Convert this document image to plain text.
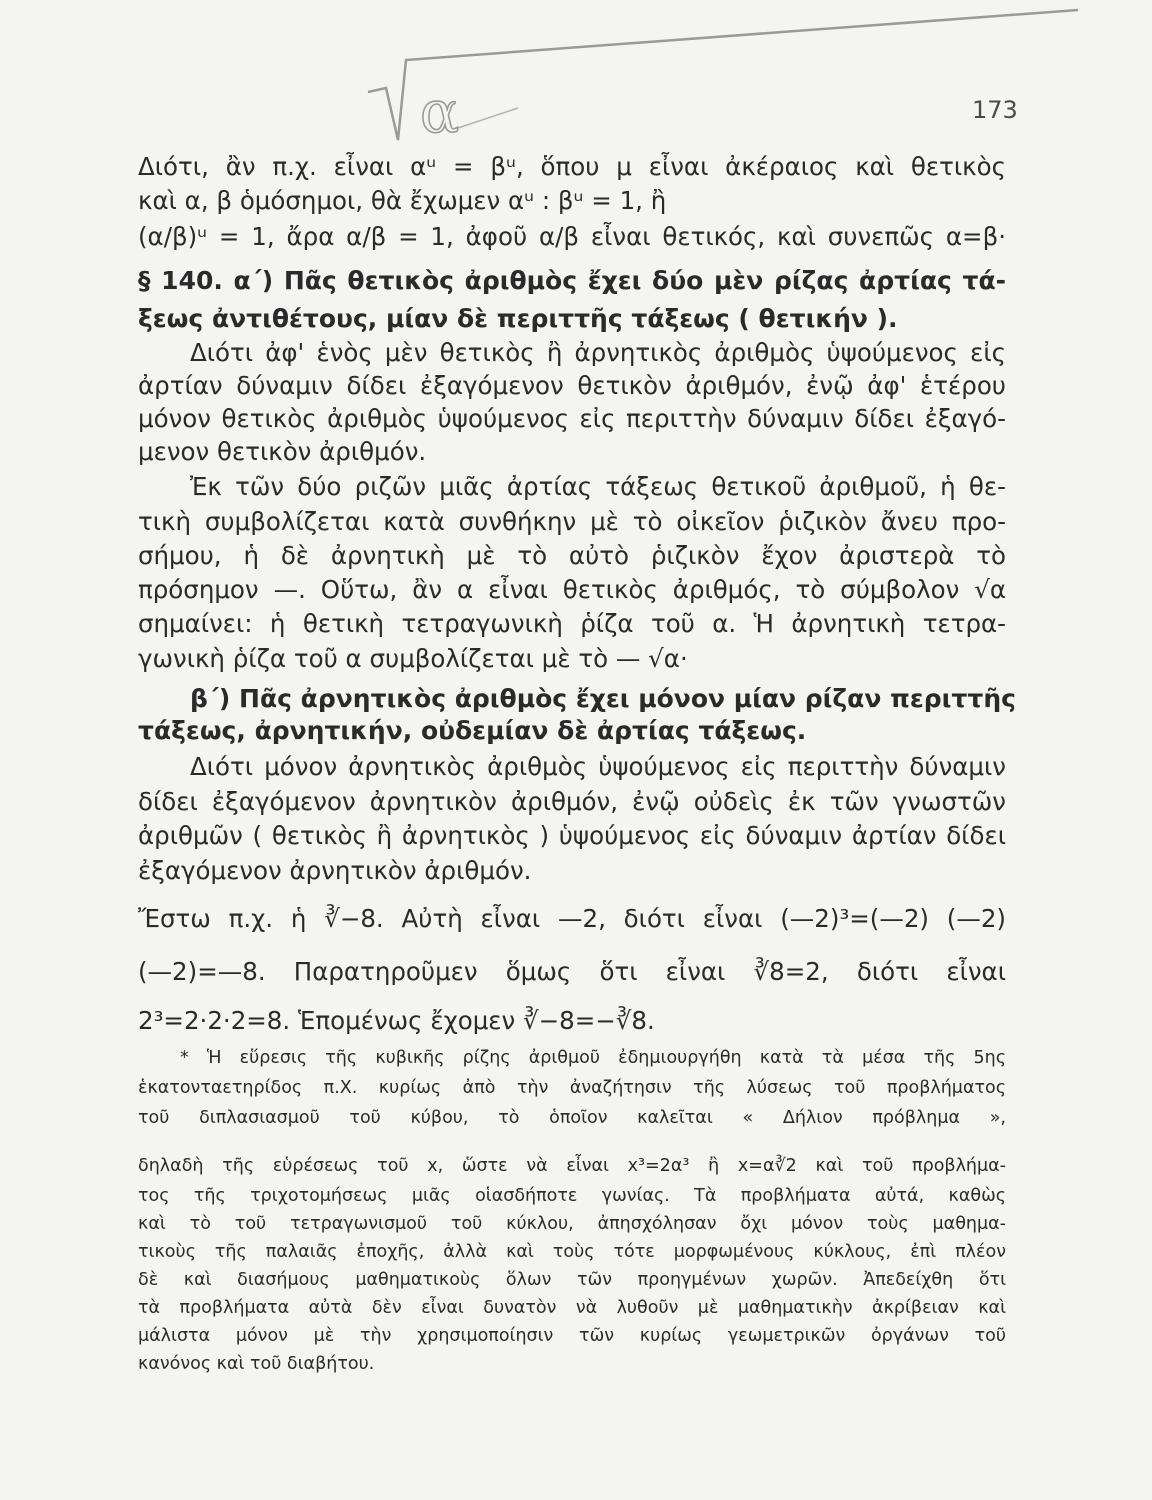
α	173
Διότι, ἂν π.χ. εἶναι αᵘ = βᵘ, ὅπου μ εἶναι ἀκέραιος καὶ θετικὸς
καὶ α, β ὁμόσημοι, θὰ ἔχωμεν αᵘ : βᵘ = 1, ἢ
(α/β)ᵘ = 1, ἄρα α/β = 1, ἀφοῦ α/β εἶναι θετικός, καὶ συνεπῶς α=β·
§ 140. α΄) Πᾶς θετικὸς ἀριθμὸς ἔχει δύο μὲν ρίζας ἀρτίας τά-
ξεως ἀντιθέτους, μίαν δὲ περιττῆς τάξεως ( θετικήν ).
Διότι ἀφ' ἑνὸς μὲν θετικὸς ἢ ἀρνητικὸς ἀριθμὸς ὑψούμενος εἰς
ἀρτίαν δύναμιν δίδει ἐξαγόμενον θετικὸν ἀριθμόν, ἐνῷ ἀφ' ἑτέρου
μόνον θετικὸς ἀριθμὸς ὑψούμενος εἰς περιττὴν δύναμιν δίδει ἐξαγό-
μενον θετικὸν ἀριθμόν.
Ἐκ τῶν δύο ριζῶν μιᾶς ἀρτίας τάξεως θετικοῦ ἀριθμοῦ, ἡ θε-
τικὴ συμβολίζεται κατὰ συνθήκην μὲ τὸ οἰκεῖον ῥιζικὸν ἄνευ προ-
σήμου, ἡ δὲ ἀρνητικὴ μὲ τὸ αὐτὸ ῥιζικὸν ἔχον ἀριστερὰ τὸ
πρόσημον —. Οὕτω, ἂν α εἶναι θετικὸς ἀριθμός, τὸ σύμβολον √α
σημαίνει: ἡ θετικὴ τετραγωνικὴ ῥίζα τοῦ α. Ἡ ἀρνητικὴ τετρα-
γωνικὴ ῥίζα τοῦ α συμβολίζεται μὲ τὸ — √α·
β΄) Πᾶς ἀρνητικὸς ἀριθμὸς ἔχει μόνον μίαν ρίζαν περιττῆς
τάξεως, ἀρνητικήν, οὐδεμίαν δὲ ἀρτίας τάξεως.
Διότι μόνον ἀρνητικὸς ἀριθμὸς ὑψούμενος εἰς περιττὴν δύναμιν
δίδει ἐξαγόμενον ἀρνητικὸν ἀριθμόν, ἐνῷ οὐδεὶς ἐκ τῶν γνωστῶν
ἀριθμῶν ( θετικὸς ἢ ἀρνητικὸς ) ὑψούμενος εἰς δύναμιν ἀρτίαν δίδει
ἐξαγόμενον ἀρνητικὸν ἀριθμόν.
Ἔστω π.χ. ἡ ∛−8. Αὐτὴ εἶναι —2, διότι εἶναι (—2)³=(—2) (—2)
(—2)=—8. Παρατηροῦμεν ὅμως ὅτι εἶναι ∛8=2, διότι εἶναι
2³=2·2·2=8. Ἑπομένως ἔχομεν ∛−8=−∛8.
* Ἡ εὕρεσις τῆς κυβικῆς ρίζης ἀριθμοῦ ἐδημιουργήθη κατὰ τὰ μέσα τῆς 5ης
ἑκατονταετηρίδος π.Χ. κυρίως ἀπὸ τὴν ἀναζήτησιν τῆς λύσεως τοῦ προβλήματος
τοῦ διπλασιασμοῦ τοῦ κύβου, τὸ ὁποῖον καλεῖται « Δήλιον πρόβλημα »,
δηλαδὴ τῆς εὑρέσεως τοῦ x, ὥστε νὰ εἶναι x³=2α³ ἢ x=α∛2 καὶ τοῦ προβλήμα-
τος τῆς τριχοτομήσεως μιᾶς οἱασδήποτε γωνίας. Τὰ προβλήματα αὐτά, καθὼς
καὶ τὸ τοῦ τετραγωνισμοῦ τοῦ κύκλου, ἀπησχόλησαν ὄχι μόνον τοὺς μαθημα-
τικοὺς τῆς παλαιᾶς ἐποχῆς, ἀλλὰ καὶ τοὺς τότε μορφωμένους κύκλους, ἐπὶ πλέον
δὲ καὶ διασήμους μαθηματικοὺς ὅλων τῶν προηγμένων χωρῶν. Ἀπεδείχθη ὅτι
τὰ προβλήματα αὐτὰ δὲν εἶναι δυνατὸν νὰ λυθοῦν μὲ μαθηματικὴν ἀκρίβειαν καὶ
μάλιστα μόνον μὲ τὴν χρησιμοποίησιν τῶν κυρίως γεωμετρικῶν ὀργάνων τοῦ
κανόνος καὶ τοῦ διαβήτου.
